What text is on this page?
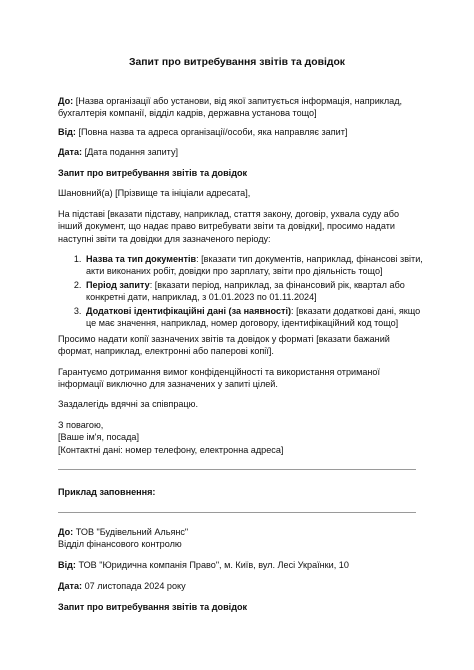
Запит про витребування звітів та довідок
До: [Назва організації або установи, від якої запитується інформація, наприклад, бухгалтерія компанії, відділ кадрів, державна установа тощо]
Від: [Повна назва та адреса організації/особи, яка направляє запит]
Дата: [Дата подання запиту]
Запит про витребування звітів та довідок
Шановний(а) [Прізвище та ініціали адресата],
На підставі [вказати підставу, наприклад, стаття закону, договір, ухвала суду або інший документ, що надає право витребувати звіти та довідки], просимо надати наступні звіти та довідки для зазначеного періоду:
1. Назва та тип документів: [вказати тип документів, наприклад, фінансові звіти, акти виконаних робіт, довідки про зарплату, звіти про діяльність тощо]
2. Період запиту: [вказати період, наприклад, за фінансовий рік, квартал або конкретні дати, наприклад, з 01.01.2023 по 01.11.2024]
3. Додаткові ідентифікаційні дані (за наявності): [вказати додаткові дані, якщо це має значення, наприклад, номер договору, ідентифікаційний код тощо]
Просимо надати копії зазначених звітів та довідок у форматі [вказати бажаний формат, наприклад, електронні або паперові копії].
Гарантуємо дотримання вимог конфіденційності та використання отриманої інформації виключно для зазначених у запиті цілей.
Заздалегідь вдячні за співпрацю.
З повагою,
[Ваше ім'я, посада]
[Контактні дані: номер телефону, електронна адреса]
Приклад заповнення:
До: ТОВ "Будівельний Альянс"
Відділ фінансового контролю
Від: ТОВ "Юридична компанія Право", м. Київ, вул. Лесі Українки, 10
Дата: 07 листопада 2024 року
Запит про витребування звітів та довідок
